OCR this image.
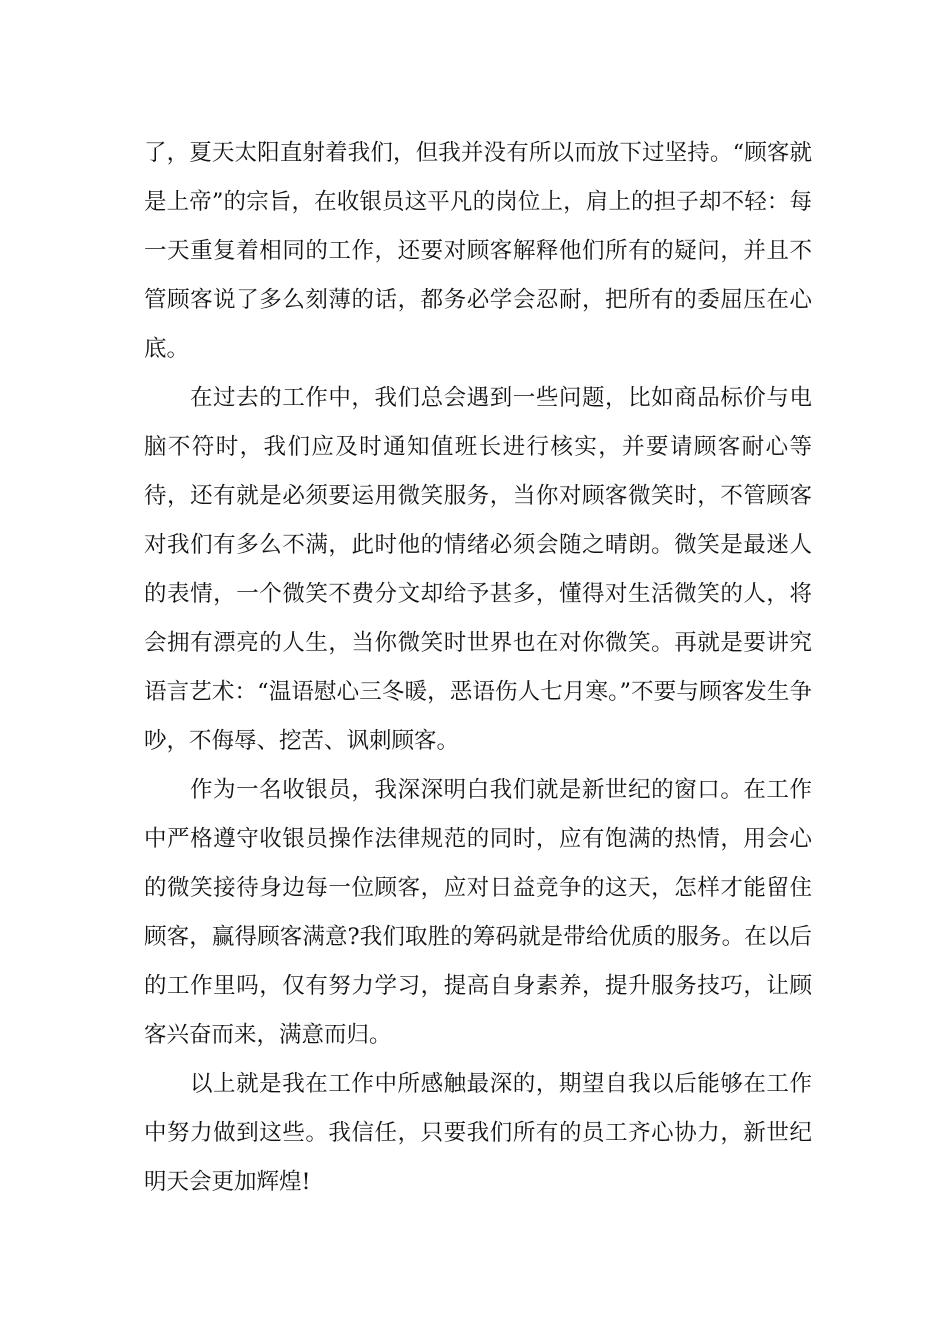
了，夏天太阳直射着我们，但我并没有所以而放下过坚持。“顾客就是上帝”的宗旨，在收银员这平凡的岗位上，肩上的担子却不轻：每一天重复着相同的工作，还要对顾客解释他们所有的疑问，并且不管顾客说了多么刻薄的话，都务必学会忍耐，把所有的委屈压在心底。

在过去的工作中，我们总会遇到一些问题，比如商品标价与电脑不符时，我们应及时通知值班长进行核实，并要请顾客耐心等待，还有就是必须要运用微笑服务，当你对顾客微笑时，不管顾客对我们有多么不满，此时他的情绪必须会随之晴朗。微笑是最迷人的表情，一个微笑不费分文却给予甚多，懂得对生活微笑的人，将会拥有漂亮的人生，当你微笑时世界也在对你微笑。再就是要讲究语言艺术：“温语慰心三冬暖，恶语伤人七月寒。”不要与顾客发生争吵，不侮辱、挖苦、讽刺顾客。

作为一名收银员，我深深明白我们就是新世纪的窗口。在工作中严格遵守收银员操作法律规范的同时，应有饱满的热情，用会心的微笑接待身边每一位顾客，应对日益竞争的这天，怎样才能留住顾客，赢得顾客满意?我们取胜的筹码就是带给优质的服务。在以后的工作里吗，仅有努力学习，提高自身素养，提升服务技巧，让顾客兴奋而来，满意而归。

以上就是我在工作中所感触最深的，期望自我以后能够在工作中努力做到这些。我信任，只要我们所有的员工齐心协力，新世纪明天会更加辉煌!
